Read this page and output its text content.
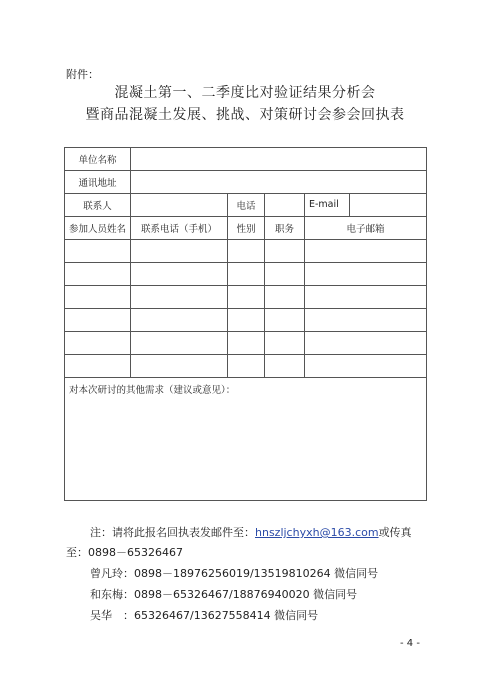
附件：
混凝土第一、二季度比对验证结果分析会
暨商品混凝土发展、挑战、对策研讨会参会回执表
单位名称				
通讯地址				
联系人		电话		E-mail
参加人员姓名	联系电话（手机）	性别	职务	电子邮箱

对本次研讨的其他需求（建议或意见）：				
注：请将此报名回执表发邮件至：hnszljchyxh@163.com或传真
至：0898－65326467
曾凡玲：0898－18976256019/13519810264 微信同号
和东梅：0898－65326467/18876940020 微信同号
吴华　：65326467/13627558414 微信同号
- 4 -
